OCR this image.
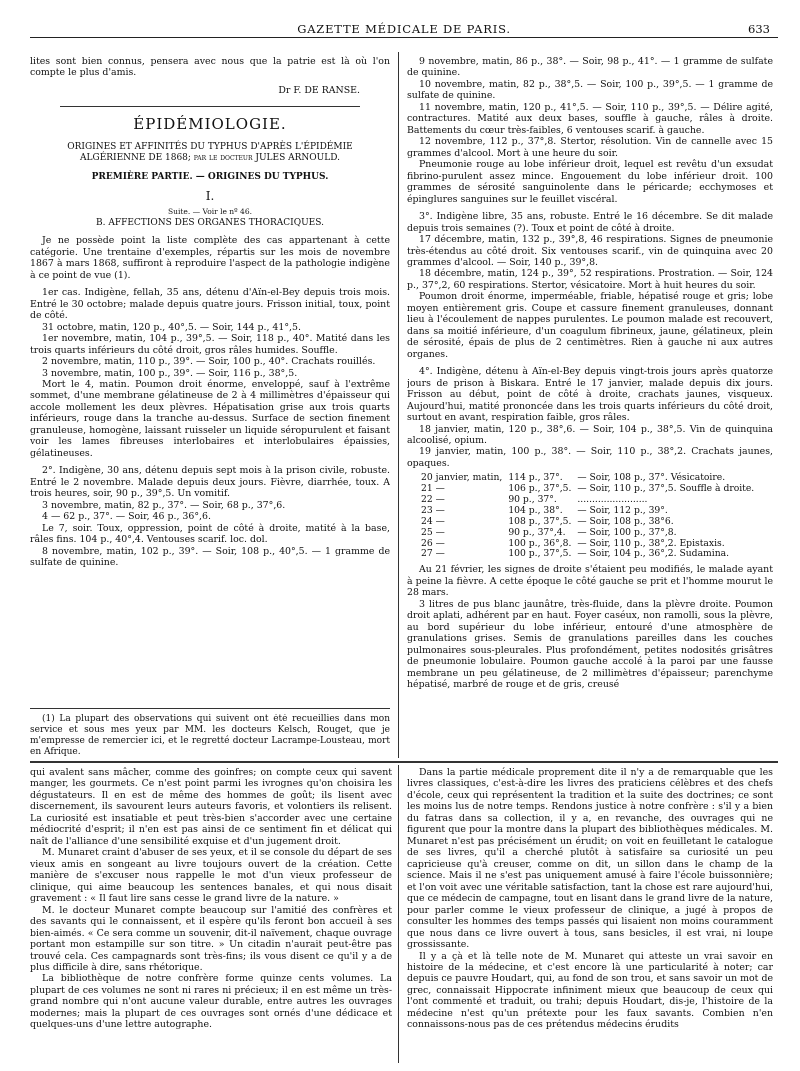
GAZETTE MÉDICALE DE PARIS.	633

lites sont bien connus, pensera avec nous que la patrie est là où l'on compte le plus d'amis.

Dr F. DE RANSE.

ÉPIDÉMIOLOGIE.
ORIGINES ET AFFINITÉS DU TYPHUS D'APRÈS L'ÉPIDÉMIE ALGÉRIENNE DE 1868; par le docteur JULES ARNOULD.
PREMIÈRE PARTIE. — ORIGINES DU TYPHUS.
I.
Suite. — Voir le nº 46.
B. AFFECTIONS DES ORGANES THORACIQUES.

Je ne possède point la liste complète des cas appartenant à cette catégorie. Une trentaine d'exemples, répartis sur les mois de novembre 1867 à mars 1868, suffiront à reproduire l'aspect de la pathologie indigène à ce point de vue (1).

1er cas. Indigène, fellah, 35 ans, détenu d'Aïn-el-Bey depuis trois mois. Entré le 30 octobre; malade depuis quatre jours. Frisson initial, toux, point de côté.

31 octobre, matin, 120 p., 40°,5. — Soir, 144 p., 41°,5.

1er novembre, matin, 104 p., 39°,5. — Soir, 118 p., 40°. Matité dans les trois quarts inférieurs du côté droit, gros râles humides. Souffle.

2 novembre, matin, 110 p., 39°. — Soir, 100 p., 40°. Crachats rouillés.

3 novembre, matin, 100 p., 39°. — Soir, 116 p., 38°,5.

Mort le 4, matin. Poumon droit énorme, enveloppé, sauf à l'extrême sommet, d'une membrane gélatineuse de 2 à 4 millimètres d'épaisseur qui accole mollement les deux plèvres. Hépatisation grise aux trois quarts inférieurs, rouge dans la tranche au-dessus. Surface de section finement granuleuse, homogène, laissant ruisseler un liquide séropurulent et faisant voir les lames fibreuses interlobaires et interlobulaires épaissies, gélatineuses.

2°. Indigène, 30 ans, détenu depuis sept mois à la prison civile, robuste. Entré le 2 novembre. Malade depuis deux jours. Fièvre, diarrhée, toux. A trois heures, soir, 90 p., 39°,5. Un vomitif.

3 novembre, matin, 82 p., 37°. — Soir, 68 p., 37°,6.

4 — 62 p., 37°. — Soir, 46 p., 36°,6.

Le 7, soir. Toux, oppression, point de côté à droite, matité à la base, râles fins. 104 p., 40°,4. Ventouses scarif. loc. dol.

8 novembre, matin, 102 p., 39°. — Soir, 108 p., 40°,5. — 1 gramme de sulfate de quinine.

(1) La plupart des observations qui suivent ont été recueillies dans mon service et sous mes yeux par MM. les docteurs Kelsch, Rouget, que je m'empresse de remercier ici, et le regretté docteur Lacrampe-Lousteau, mort en Afrique.

9 novembre, matin, 86 p., 38°. — Soir, 98 p., 41°. — 1 gramme de sulfate de quinine.

10 novembre, matin, 82 p., 38°,5. — Soir, 100 p., 39°,5. — 1 gramme de sulfate de quinine.

11 novembre, matin, 120 p., 41°,5. — Soir, 110 p., 39°,5. — Délire agité, contractures. Matité aux deux bases, souffle à gauche, râles à droite. Battements du cœur très-faibles, 6 ventouses scarif. à gauche.

12 novembre, 112 p., 37°,8. Stertor, résolution. Vin de cannelle avec 15 grammes d'alcool. Mort à une heure du soir.

Pneumonie rouge au lobe inférieur droit, lequel est revêtu d'un exsudat fibrino-purulent assez mince. Engouement du lobe inférieur droit. 100 grammes de sérosité sanguinolente dans le péricarde; ecchymoses et épinglures sanguines sur le feuillet viscéral.

3°. Indigène libre, 35 ans, robuste. Entré le 16 décembre. Se dit malade depuis trois semaines (?). Toux et point de côté à droite.

17 décembre, matin, 132 p., 39°,8, 46 respirations. Signes de pneumonie très-étendus au côté droit. Six ventouses scarif., vin de quinquina avec 20 grammes d'alcool. — Soir, 140 p., 39°,8.

18 décembre, matin, 124 p., 39°, 52 respirations. Prostration. — Soir, 124 p., 37°,2, 60 respirations. Stertor, vésicatoire. Mort à huit heures du soir.

Poumon droit énorme, imperméable, friable, hépatisé rouge et gris; lobe moyen entièrement gris. Coupe et cassure finement granuleuses, donnant lieu à l'écoulement de nappes purulentes. Le poumon malade est recouvert, dans sa moitié inférieure, d'un coagulum fibrineux, jaune, gélatineux, plein de sérosité, épais de plus de 2 centimètres. Rien à gauche ni aux autres organes.

4°. Indigène, détenu à Aïn-el-Bey depuis vingt-trois jours après quatorze jours de prison à Biskara. Entré le 17 janvier, malade depuis dix jours. Frisson au début, point de côté à droite, crachats jaunes, visqueux. Aujourd'hui, matité prononcée dans les trois quarts inférieurs du côté droit, surtout en avant, respiration faible, gros râles.

18 janvier, matin, 120 p., 38°,6. — Soir, 104 p., 38°,5. Vin de quinquina alcoolisé, opium.

19 janvier, matin, 100 p., 38°. — Soir, 110 p., 38°,2. Crachats jaunes, opaques.

20 janvier, matin,	114 p., 37°.	— Soir, 108 p., 37°. Vésicatoire.
21 —	106 p., 37°,5.	— Soir, 110 p., 37°,5. Souffle à droite.
22 —	90 p., 37°.	........................
23 —	104 p., 38°.	— Soir, 112 p., 39°.
24 —	108 p., 37°,5.	— Soir, 108 p., 38°6.
25 —	90 p., 37°,4.	— Soir, 100 p., 37°,8.
26 —	100 p., 36°,8.	— Soir, 110 p., 38°,2. Epistaxis.
27 —	100 p., 37°,5.	— Soir, 104 p., 36°,2. Sudamina.

Au 21 février, les signes de droite s'étaient peu modifiés, le malade ayant à peine la fièvre. A cette époque le côté gauche se prit et l'homme mourut le 28 mars.

3 litres de pus blanc jaunâtre, très-fluide, dans la plèvre droite. Poumon droit aplati, adhérent par en haut. Foyer caséux, non ramolli, sous la plèvre, au bord supérieur du lobe inférieur, entouré d'une atmosphère de granulations grises. Semis de granulations pareilles dans les couches pulmonaires sous-pleurales. Plus profondément, petites nodosités grisâtres de pneumonie lobulaire. Poumon gauche accolé à la paroi par une fausse membrane un peu gélatineuse, de 2 millimètres d'épaisseur; parenchyme hépatisé, marbré de rouge et de gris, creusé

qui avalent sans mâcher, comme des goinfres; on compte ceux qui savent manger, les gourmets. Ce n'est point parmi les ivrognes qu'on choisira les dégustateurs. Il en est de même des hommes de goût; ils lisent avec discernement, ils savourent leurs auteurs favoris, et volontiers ils relisent. La curiosité est insatiable et peut très-bien s'accorder avec une certaine médiocrité d'esprit; il n'en est pas ainsi de ce sentiment fin et délicat qui naît de l'alliance d'une sensibilité exquise et d'un jugement droit.

M. Munaret craint d'abuser de ses yeux, et il se console du départ de ses vieux amis en songeant au livre toujours ouvert de la création. Cette manière de s'excuser nous rappelle le mot d'un vieux professeur de clinique, qui aime beaucoup les sentences banales, et qui nous disait gravement : « Il faut lire sans cesse le grand livre de la nature. »

M. le docteur Munaret compte beaucoup sur l'amitié des confrères et des savants qui le connaissent, et il espère qu'ils feront bon accueil à ses bien-aimés. « Ce sera comme un souvenir, dit-il naïvement, chaque ouvrage portant mon estampille sur son titre. » Un citadin n'aurait peut-être pas trouvé cela. Ces campagnards sont très-fins; ils vous disent ce qu'il y a de plus difficile à dire, sans rhétorique.

La bibliothèque de notre confrère forme quinze cents volumes. La plupart de ces volumes ne sont ni rares ni précieux; il en est même un très-grand nombre qui n'ont aucune valeur durable, entre autres les ouvrages modernes; mais la plupart de ces ouvrages sont ornés d'une dédicace et quelques-uns d'une lettre autographe.

Dans la partie médicale proprement dite il n'y a de remarquable que les livres classiques, c'est-à-dire les livres des praticiens célèbres et des chefs d'école, ceux qui représentent la tradition et la suite des doctrines; ce sont les moins lus de notre temps. Rendons justice à notre confrère : s'il y a bien du fatras dans sa collection, il y a, en revanche, des ouvrages qui ne figurent que pour la montre dans la plupart des bibliothèques médicales. M. Munaret n'est pas précisément un érudit; on voit en feuilletant le catalogue de ses livres, qu'il a cherché plutôt à satisfaire sa curiosité un peu capricieuse qu'à creuser, comme on dit, un sillon dans le champ de la science. Mais il ne s'est pas uniquement amusé à faire l'école buissonnière; et l'on voit avec une véritable satisfaction, tant la chose est rare aujourd'hui, que ce médecin de campagne, tout en lisant dans le grand livre de la nature, pour parler comme le vieux professeur de clinique, a jugé à propos de consulter les hommes des temps passés qui lisaient non moins couramment que nous dans ce livre ouvert à tous, sans besicles, il est vrai, ni loupe grossissante.

Il y a çà et là telle note de M. Munaret qui atteste un vrai savoir en histoire de la médecine, et c'est encore là une particularité à noter; car depuis ce pauvre Houdart, qui, au fond de son trou, et sans savoir un mot de grec, connaissait Hippocrate infiniment mieux que beaucoup de ceux qui l'ont commenté et traduit, ou trahi; depuis Houdart, dis-je, l'histoire de la médecine n'est qu'un prétexte pour les faux savants. Combien n'en connaissons-nous pas de ces prétendus médecins érudits
